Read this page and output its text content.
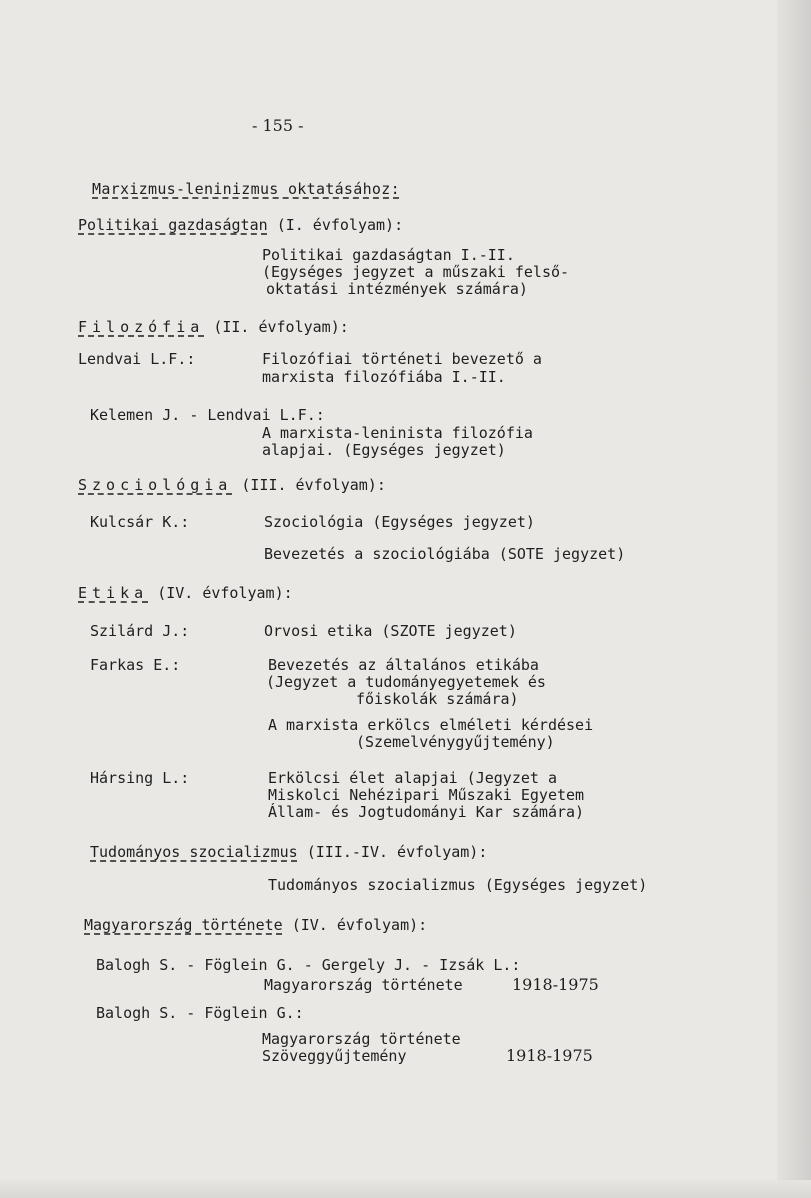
- 155 -
Marxizmus-leninizmus oktatásához:
Politikai gazdaságtan (I. évfolyam):
Politikai gazdaságtan I.-II.
(Egységes jegyzet a műszaki felső-
oktatási intézmények számára)
Filozófia (II. évfolyam):
Lendvai L.F.:	Filozófiai történeti bevezető a
marxista filozófiába I.-II.
Kelemen J. - Lendvai L.F.:
A marxista-leninista filozófia
alapjai. (Egységes jegyzet)
Szociológia (III. évfolyam):
Kulcsár K.:	Szociológia (Egységes jegyzet)
Bevezetés a szociológiába (SOTE jegyzet)
Etika (IV. évfolyam):
Szilárd J.:	Orvosi etika (SZOTE jegyzet)
Farkas E.:	Bevezetés az általános etikába
(Jegyzet a tudományegyetemek és
főiskolák számára)
A marxista erkölcs elméleti kérdései
(Szemelvénygyűjtemény)
Hársing L.:	Erkölcsi élet alapjai (Jegyzet a
Miskolci Nehézipari Műszaki Egyetem
Állam- és Jogtudományi Kar számára)
Tudományos szocializmus (III.-IV. évfolyam):
Tudományos szocializmus (Egységes jegyzet)
Magyarország története (IV. évfolyam):
Balogh S. - Föglein G. - Gergely J. - Izsák L.:
Magyarország története	1918-1975
Balogh S. - Föglein G.:
Magyarország története
Szöveggyűjtemény	1918-1975
